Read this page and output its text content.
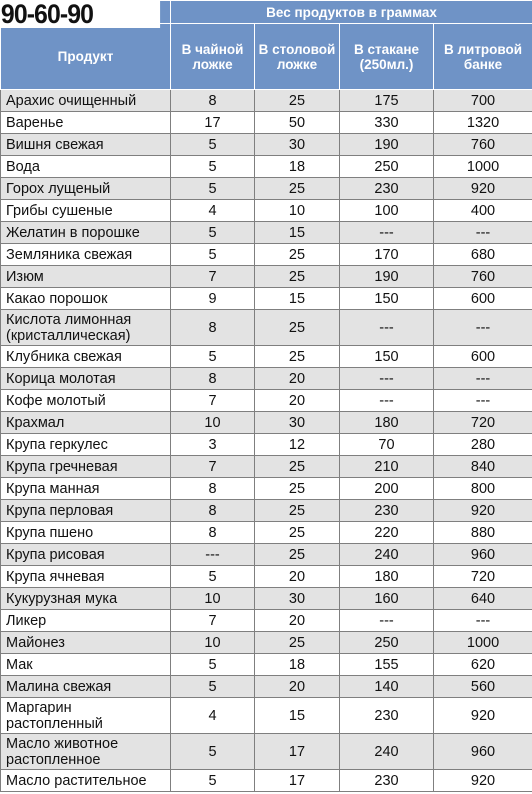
90-60-90
		Вес продуктов в граммах			
Продукт	В чайной ложке	В столовой ложке	В стакане (250мл.)	В литровой банке
Арахис очищенный	8	25	175	700
Варенье	17	50	330	1320
Вишня свежая	5	30	190	760
Вода	5	18	250	1000
Горох лущеный	5	25	230	920
Грибы сушеные	4	10	100	400
Желатин в порошке	5	15	---	---
Земляника свежая	5	25	170	680
Изюм	7	25	190	760
Какао порошок	9	15	150	600
Кислота лимонная (кристаллическая)	8	25	---	---
Клубника свежая	5	25	150	600
Корица молотая	8	20	---	---
Кофе молотый	7	20	---	---
Крахмал	10	30	180	720
Крупа геркулес	3	12	70	280
Крупа гречневая	7	25	210	840
Крупа манная	8	25	200	800
Крупа перловая	8	25	230	920
Крупа пшено	8	25	220	880
Крупа рисовая	---	25	240	960
Крупа ячневая	5	20	180	720
Кукурузная мука	10	30	160	640
Ликер	7	20	---	---
Майонез	10	25	250	1000
Мак	5	18	155	620
Малина свежая	5	20	140	560
Маргарин растопленный	4	15	230	920
Масло животное растопленное	5	17	240	960
Масло растительное	5	17	230	920
